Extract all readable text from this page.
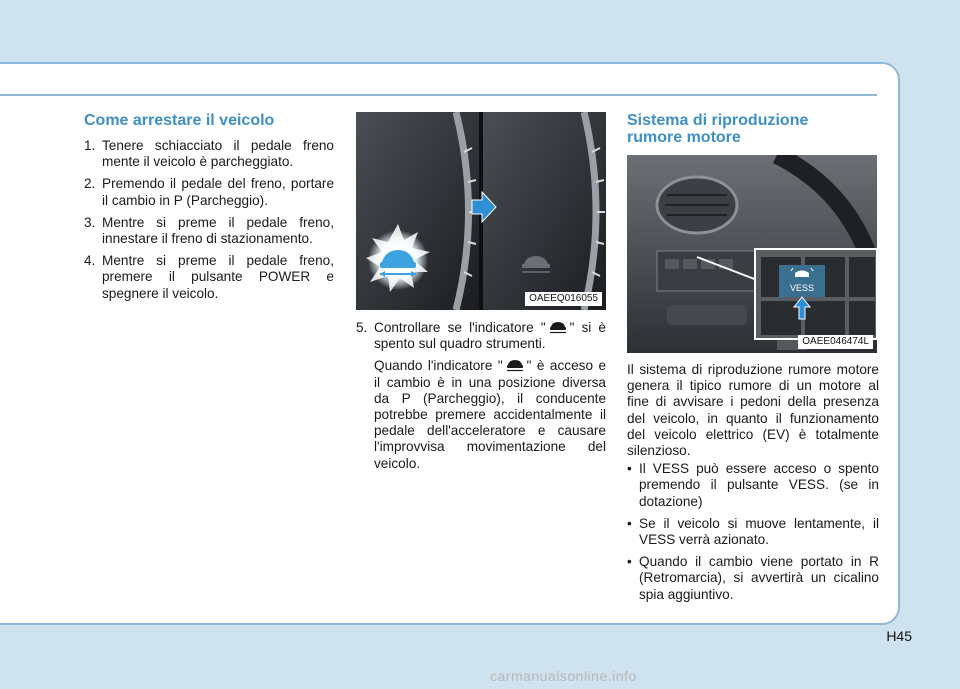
Come arrestare il veicolo
1. Tenere schiacciato il pedale freno mente il veicolo è parcheggiato.
2. Premendo il pedale del freno, portare il cambio in P (Parcheggio).
3. Mentre si preme il pedale freno, innestare il freno di stazionamento.
4. Mentre si preme il pedale freno, premere il pulsante POWER e spegnere il veicolo.	OAEEQ016055
5. Controllare se l'indicatore " " si è spento sul quadro strumenti.

Quando l'indicatore " " è acceso e il cambio è in una posizione diversa da P (Parcheggio), il conducente potrebbe premere accidentalmente il pedale dell'acceleratore e causare l'improvvisa movimentazione del veicolo.

Sistema di riproduzione
rumore motore
VESS
OAEE046474L

Il sistema di riproduzione rumore motore genera il tipico rumore di un motore al fine di avvisare i pedoni della presenza del veicolo, in quanto il funzionamento del veicolo elettrico (EV) è totalmente silenzioso.

• Il VESS può essere acceso o spento premendo il pulsante VESS. (se in dotazione)
• Se il veicolo si muove lentamente, il VESS verrà azionato.
• Quando il cambio viene portato in R (Retromarcia), si avvertirà un cicalino spia aggiuntivo.
H45
carmanualsonline.info
